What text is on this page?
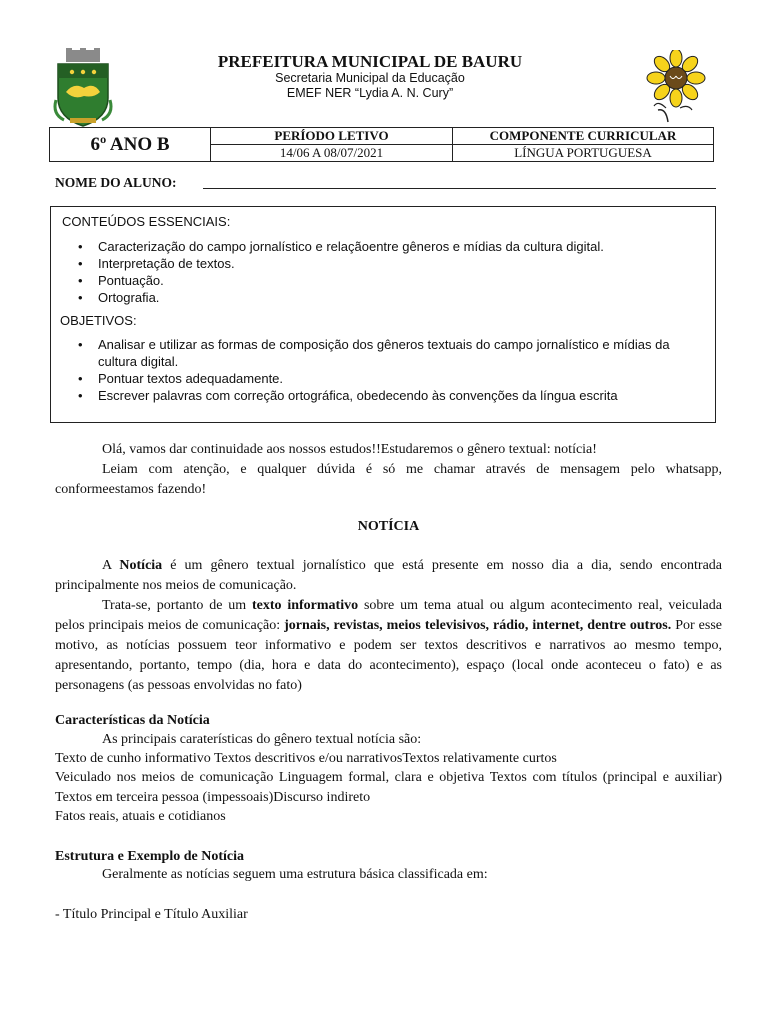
PREFEITURA MUNICIPAL DE BAURU
Secretaria Municipal da Educação
EMEF NER “Lydia A. N. Cury”
6º ANO B	PERÍODO LETIVO	COMPONENTE CURRICULAR
	14/06 A 08/07/2021	LÍNGUA PORTUGUESA
NOME DO ALUNO:
CONTEÚDOS ESSENCIAIS:
• Caracterização do campo jornalístico e relaçãoentre gêneros e mídias da cultura digital.
• Interpretação de textos.
• Pontuação.
• Ortografia.
OBJETIVOS:
• Analisar e utilizar as formas de composição dos gêneros textuais do campo jornalístico e mídias da cultura digital.
• Pontuar textos adequadamente.
• Escrever palavras com correção ortográfica, obedecendo às convenções da língua escrita
Olá, vamos dar continuidade aos nossos estudos!!Estudaremos o gênero textual: notícia!
Leiam com atenção, e qualquer dúvida é só me chamar através de mensagem pelo whatsapp, conformeestamos fazendo!
NOTÍCIA
A Notícia é um gênero textual jornalístico que está presente em nosso dia a dia, sendo encontrada principalmente nos meios de comunicação.
Trata-se, portanto de um texto informativo sobre um tema atual ou algum acontecimento real, veiculada pelos principais meios de comunicação: jornais, revistas, meios televisivos, rádio, internet, dentre outros. Por esse motivo, as notícias possuem teor informativo e podem ser textos descritivos e narrativos ao mesmo tempo, apresentando, portanto, tempo (dia, hora e data do acontecimento), espaço (local onde aconteceu o fato) e as personagens (as pessoas envolvidas no fato)
Características da Notícia
As principais caraterísticas do gênero textual notícia são:
Texto de cunho informativo Textos descritivos e/ou narrativosTextos relativamente curtos
Veiculado nos meios de comunicação Linguagem formal, clara e objetiva Textos com títulos (principal e auxiliar) Textos em terceira pessoa (impessoais)Discurso indireto
Fatos reais, atuais e cotidianos
Estrutura e Exemplo de Notícia
Geralmente as notícias seguem uma estrutura básica classificada em:
- Título Principal e Título Auxiliar
